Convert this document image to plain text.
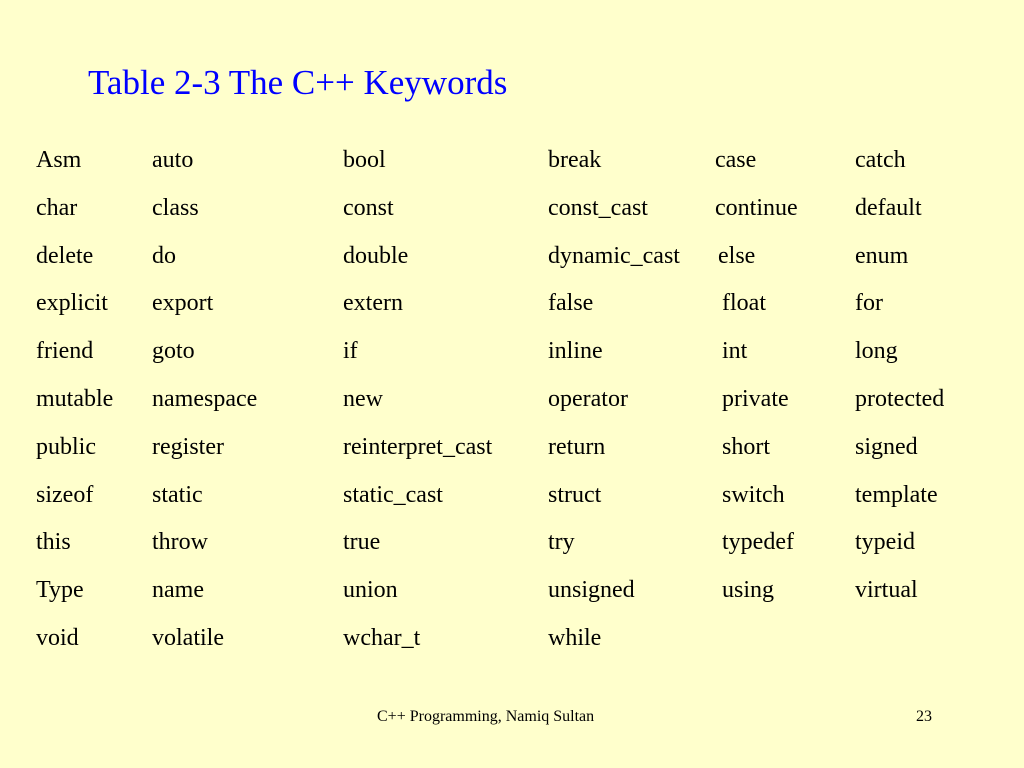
Table 2-3 The C++ Keywords
Asm	auto	bool	break	case	catch
char	class	const	const_cast	continue default
delete do	double	dynamic_cast else	enum
explicit export	extern	false	float	for
friend goto	if	inline	int	long
mutable namespace	new	operator	private	protected
public register	reinterpret_cast return	short	signed
sizeof static	static_cast	struct	switch	template
this	throw	true	try	typedef	typeid
Type	name	union	unsigned	using	virtual
void	volatile	wchar_t	while
C++ Programming, Namiq Sultan	23
